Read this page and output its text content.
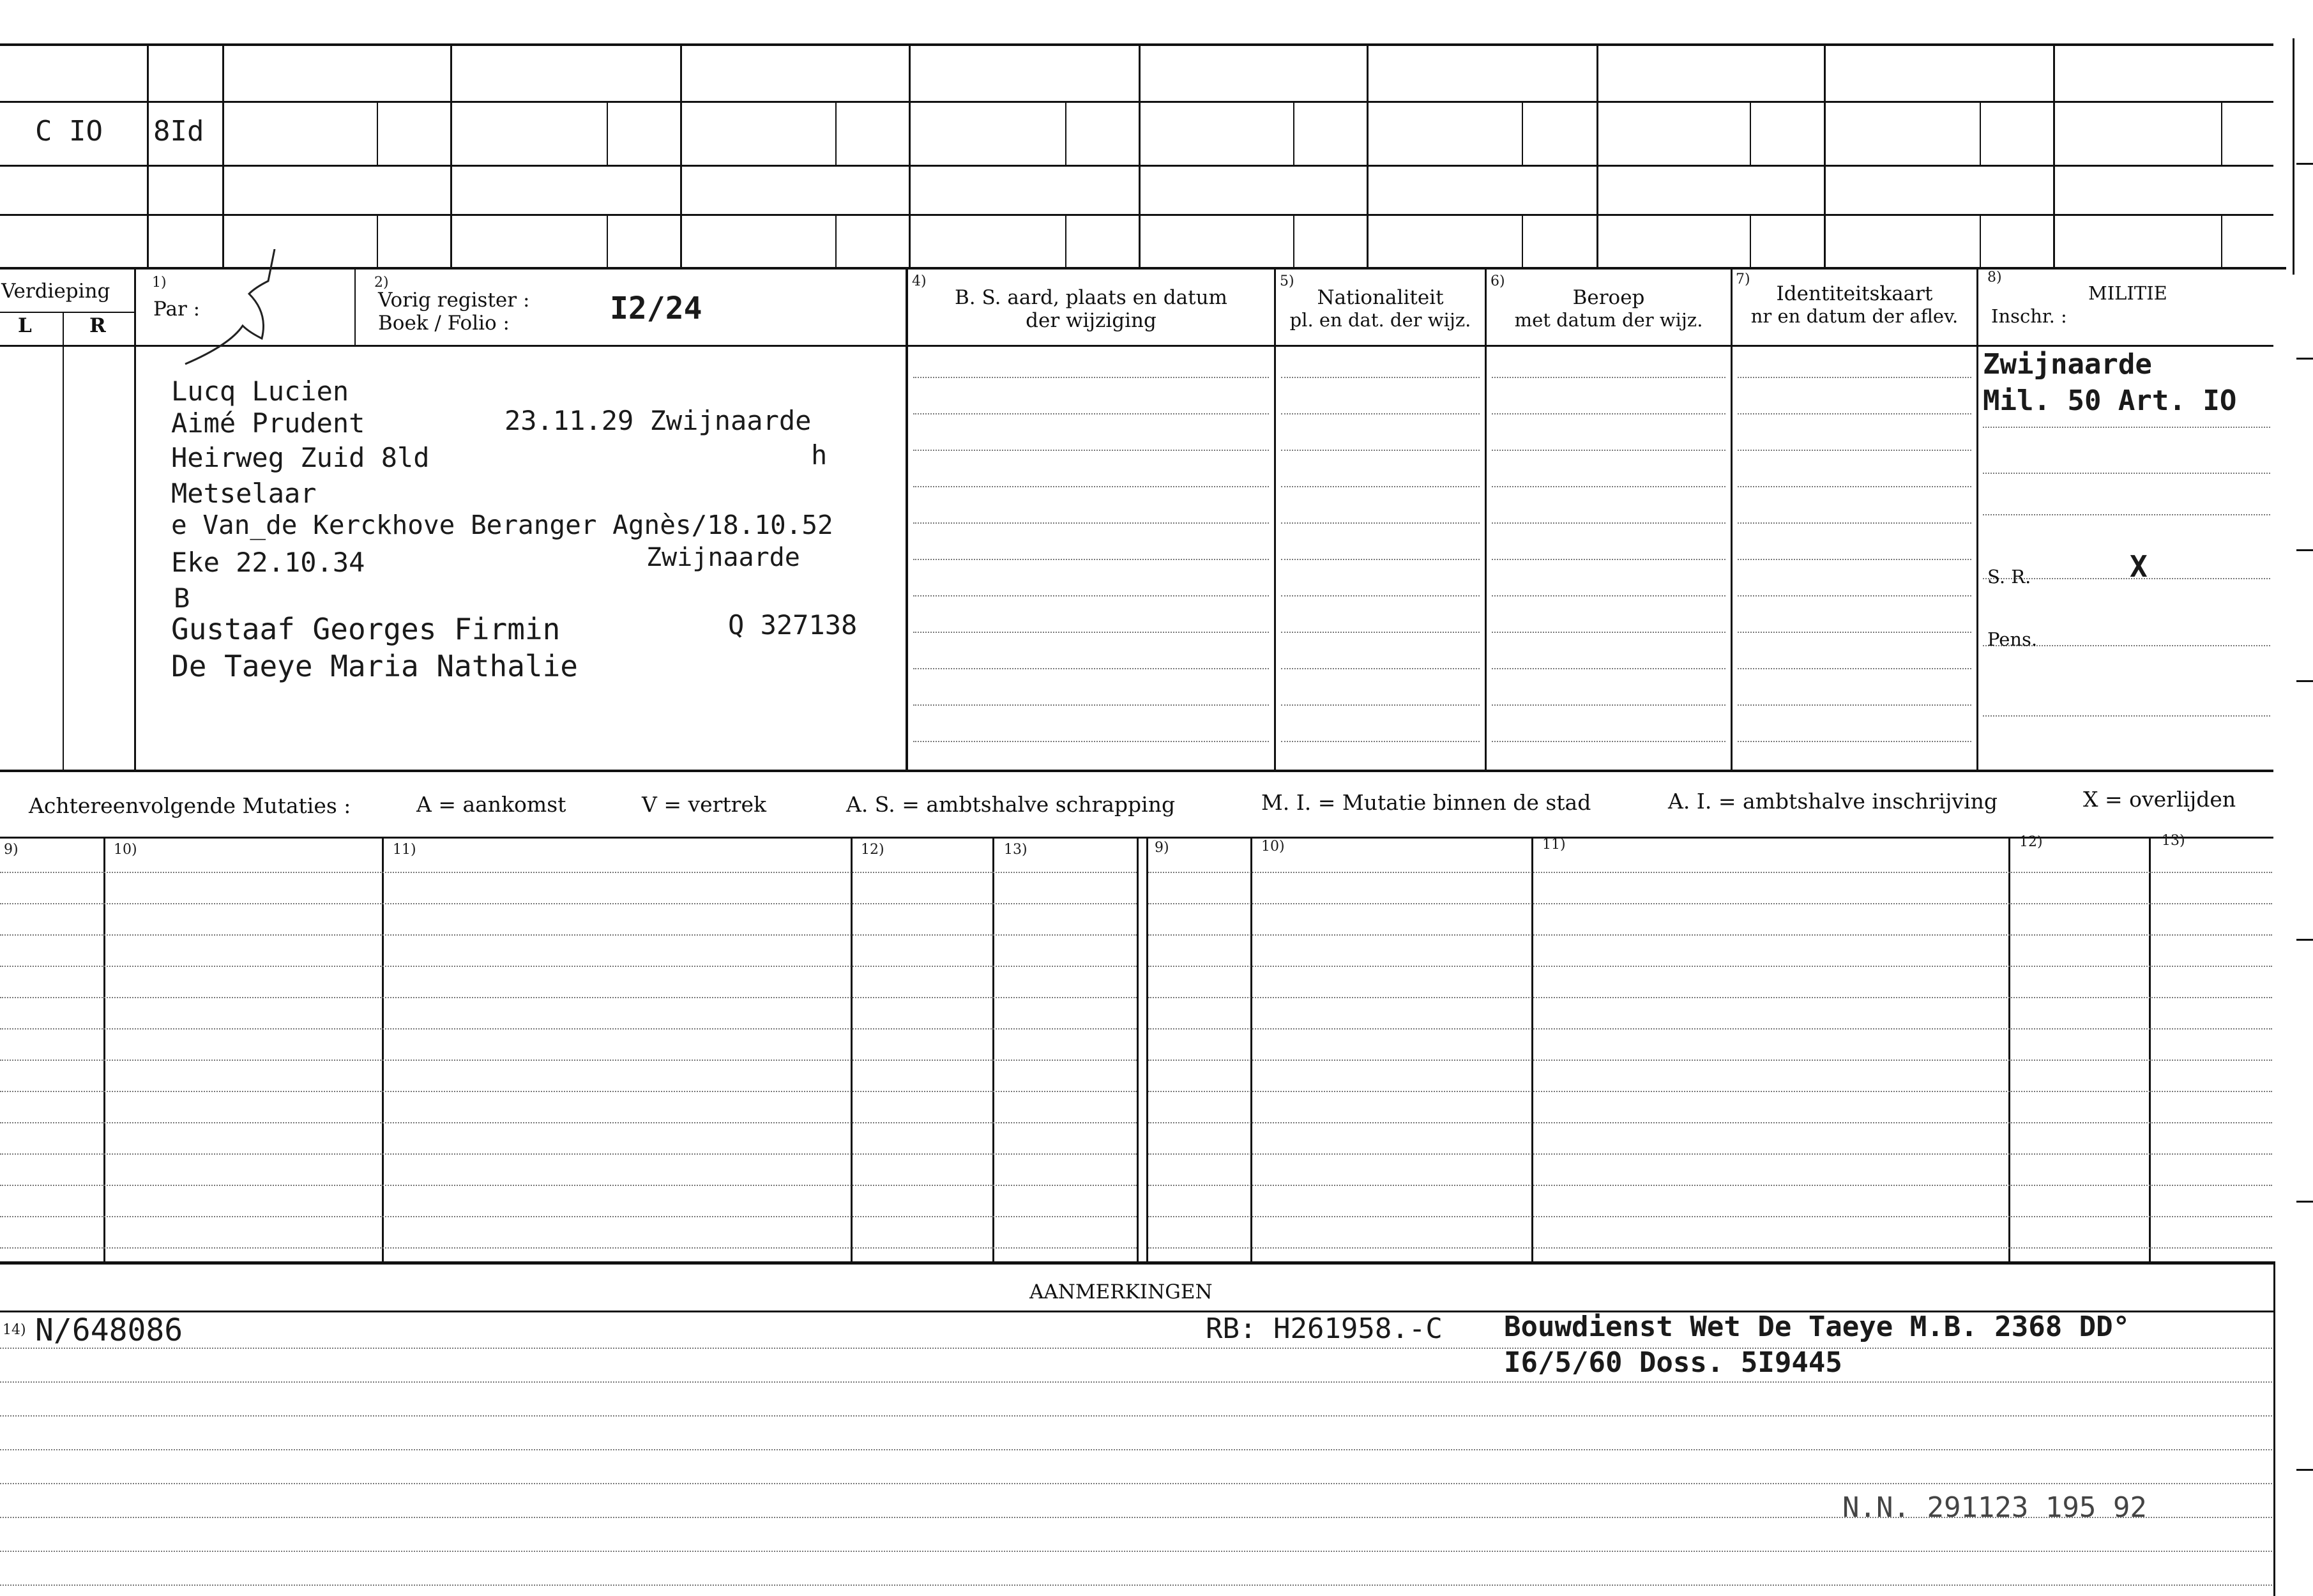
C IO 8Id
Verdieping
L	R
1)
Par :
2)
Vorig register :
Boek / Folio :	I2/24
4)
B. S. aard, plaats en datum
der wijziging
5)
Nationaliteit
pl. en dat. der wijz.
6)
Beroep
met datum der wijz.
7)
Identiteitskaart
nr en datum der aflev.
8)
MILITIE
Inschr. :
Lucq Lucien
Aimé Prudent	23.11.29 Zwijnaarde
Heirweg Zuid 8ld	h
Metselaar
e Van_de Kerckhove Beranger Agnès/18.10.52
Eke 22.10.34	Zwijnaarde
B
Gustaaf Georges Firmin	Q 327138
De Taeye Maria Nathalie
Zwijnaarde
Mil. 50 Art. IO
S. R.	X
Pens.
Achtereenvolgende Mutaties :	A = aankomst	V = vertrek	A. S. = ambtshalve schrapping	M. I. = Mutatie binnen de stad	A. I. = ambtshalve inschrijving	X = overlijden
9)	10)	11)	12)	13)	9)	10)	11)	12)	13)
AANMERKINGEN
14) N/648086	RB: H261958.-C Bouwdienst Wet De Taeye M.B. 2368 DD°
I6/5/60 Doss. 5I9445
N.N. 291123 195 92
